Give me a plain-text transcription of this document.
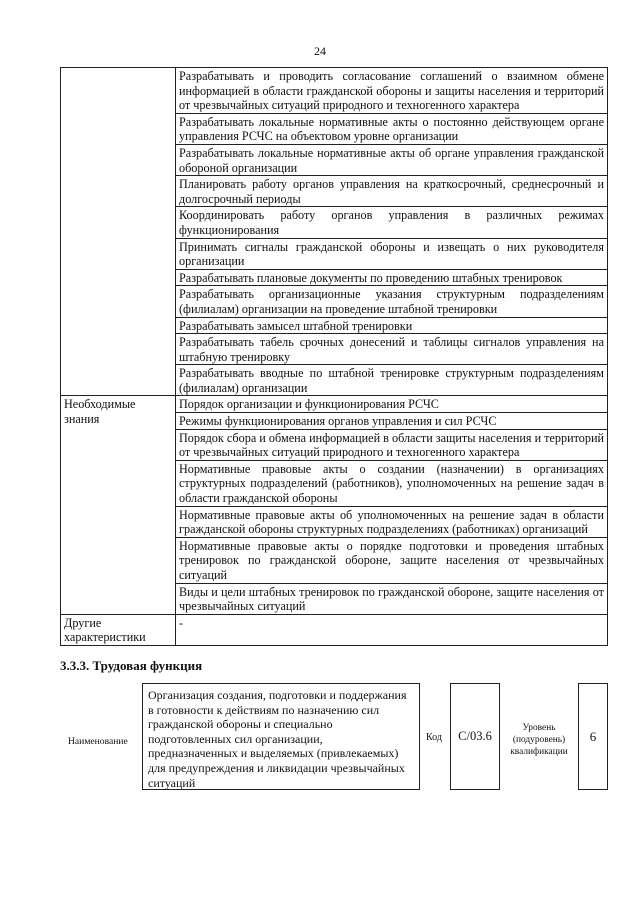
24
	Разрабатывать и проводить согласование соглашений о взаимном обмене информацией в области гражданской обороны и защиты населения и территорий от чрезвычайных ситуаций природного и техногенного характера
	Разрабатывать локальные нормативные акты о постоянно действующем органе управления РСЧС на объектовом уровне организации
	Разрабатывать локальные нормативные акты об органе управления гражданской обороной организации
	Планировать работу органов управления на краткосрочный, среднесрочный и долгосрочный периоды
	Координировать работу органов управления в различных режимах функционирования
	Принимать сигналы гражданской обороны и извещать о них руководителя организации
	Разрабатывать плановые документы по проведению штабных тренировок
	Разрабатывать организационные указания структурным подразделениям (филиалам) организации на проведение штабной тренировки
	Разрабатывать замысел штабной тренировки
	Разрабатывать табель срочных донесений и таблицы сигналов управления на штабную тренировку
	Разрабатывать вводные по штабной тренировке структурным подразделениям (филиалам) организации
Необходимые знания	Порядок организации и функционирования РСЧС
	Режимы функционирования органов управления и сил РСЧС
	Порядок сбора и обмена информацией в области защиты населения и территорий от чрезвычайных ситуаций природного и техногенного характера
	Нормативные правовые акты о создании (назначении) в организациях структурных подразделений (работников), уполномоченных на решение задач в области гражданской обороны
	Нормативные правовые акты об уполномоченных на решение задач в области гражданской обороны структурных подразделениях (работниках) организаций
	Нормативные правовые акты о порядке подготовки и проведения штабных тренировок по гражданской обороне, защите населения от чрезвычайных ситуаций
	Виды и цели штабных тренировок по гражданской обороне, защите населения от чрезвычайных ситуаций
Другие характеристики	-
3.3.3. Трудовая функция
Наименование
Организация создания, подготовки и поддержания в готовности к действиям по назначению сил гражданской обороны и специально подготовленных сил организации, предназначенных и выделяемых (привлекаемых) для предупреждения и ликвидации чрезвычайных ситуаций
Код	С/03.6
Уровень (подуровень) квалификации
6
